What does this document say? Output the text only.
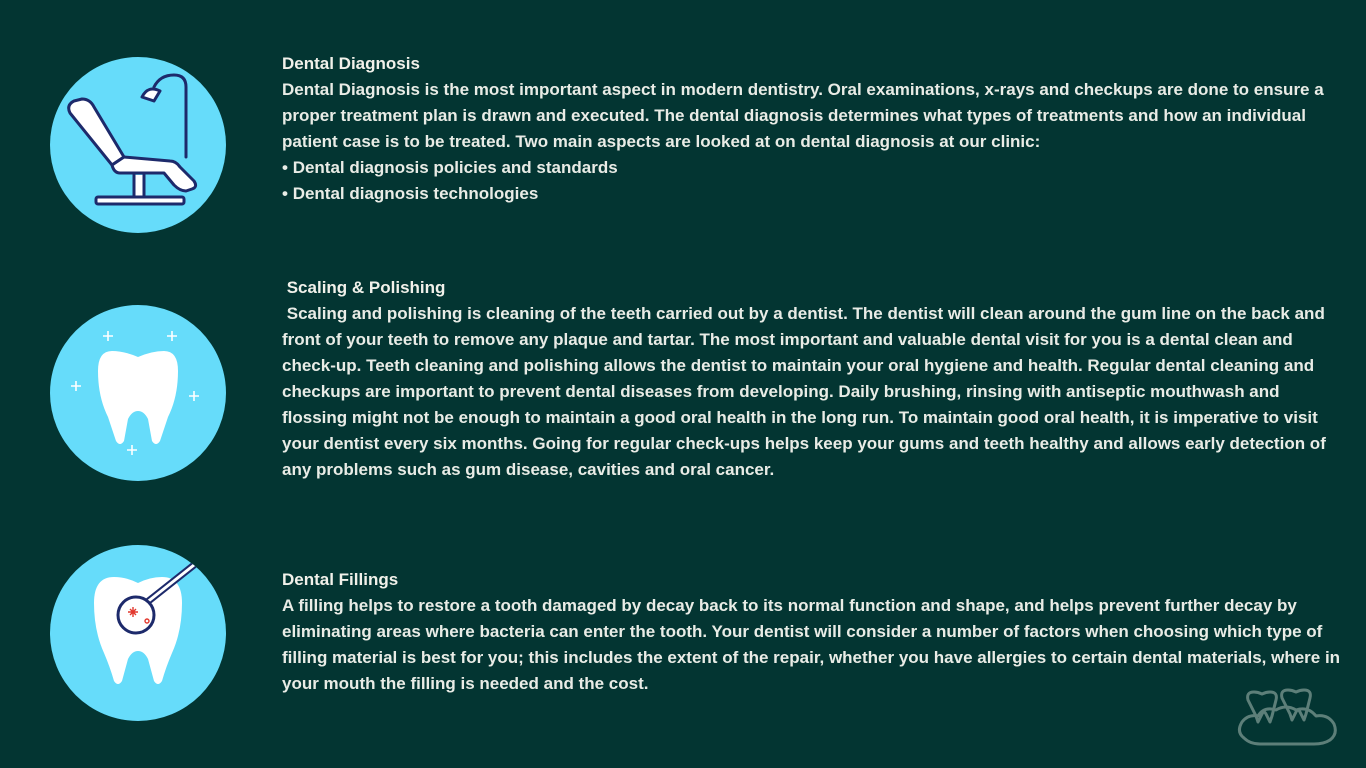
Dental Diagnosis

Dental Diagnosis is the most important aspect in modern dentistry. Oral examinations, x-rays and checkups are done to ensure a proper treatment plan is drawn and executed. The dental diagnosis determines what types of treatments and how an individual patient case is to be treated. Two main aspects are looked at on dental diagnosis at our clinic:

• Dental diagnosis policies and standards
• Dental diagnosis technologies
Scaling & Polishing

Scaling and polishing is cleaning of the teeth carried out by a dentist. The dentist will clean around the gum line on the back and front of your teeth to remove any plaque and tartar. The most important and valuable dental visit for you is a dental clean and check-up. Teeth cleaning and polishing allows the dentist to maintain your oral hygiene and health. Regular dental cleaning and checkups are important to prevent dental diseases from developing. Daily brushing, rinsing with antiseptic mouthwash and flossing might not be enough to maintain a good oral health in the long run. To maintain good oral health, it is imperative to visit your dentist every six months. Going for regular check-ups helps keep your gums and teeth healthy and allows early detection of any problems such as gum disease, cavities and oral cancer.

Dental Fillings

A filling helps to restore a tooth damaged by decay back to its normal function and shape, and helps prevent further decay by eliminating areas where bacteria can enter the tooth. Your dentist will consider a number of factors when choosing which type of filling material is best for you; this includes the extent of the repair, whether you have allergies to certain dental materials, where in your mouth the filling is needed and the cost.
